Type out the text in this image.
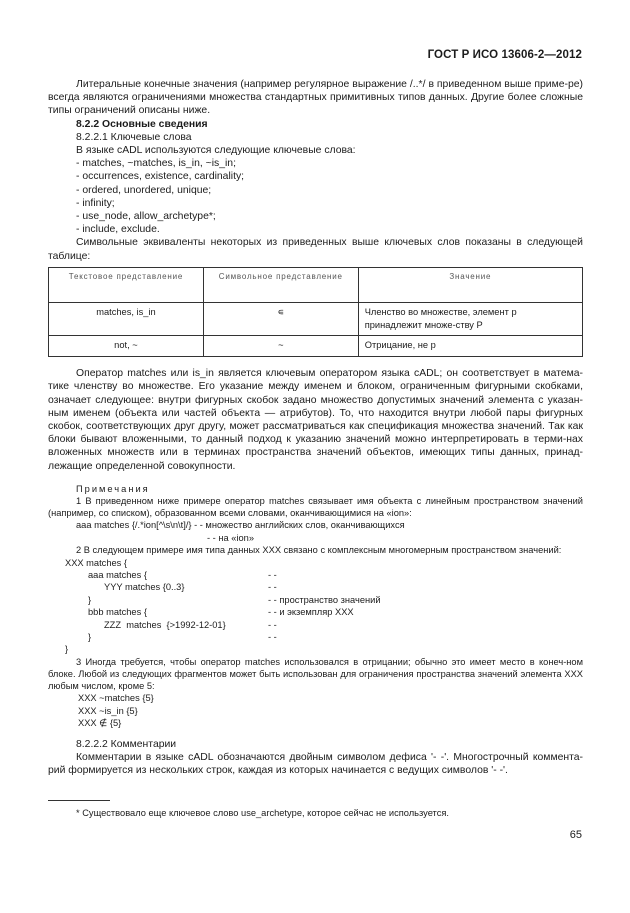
ГОСТ Р ИСО 13606-2—2012

Литеральные конечные значения (например регулярное выражение /..*/ в приведенном выше приме-ре) всегда являются ограничениями множества стандартных примитивных типов данных. Другие более сложные типы ограничений описаны ниже.

8.2.2 Основные сведения

8.2.2.1 Ключевые слова

В языке cADL используются следующие ключевые слова:

- matches, ~matches, is_in, ~is_in;

- occurrences, existence, cardinality;

- ordered, unordered, unique;

- infinity;

- use_node, allow_archetype*;

- include, exclude.

Символьные эквиваленты некоторых из приведенных выше ключевых слов показаны в следующей таблице:

Текстовое представление	Символьное представление	Значение
matches, is_in	∊	Членство во множестве, элемент р принадлежит множе-ству Р
not, ~	~	Отрицание, не р

Оператор matches или is_in является ключевым оператором языка cADL; он соответствует в матема-тике членству во множестве. Его указание между именем и блоком, ограниченным фигурными скобками, означает следующее: внутри фигурных скобок задано множество допустимых значений элемента с указан-ным именем (объекта или частей объекта — атрибутов). То, что находится внутри любой пары фигурных скобок, соответствующих друг другу, может рассматриваться как спецификация множества значений. Так как блоки бывают вложенными, то данный подход к указанию значений можно интерпретировать в терми-нах вложенных множеств или в терминах пространства значений объектов, имеющих типы данных, принад-лежащие определенной совокупности.

Примечания

1 В приведенном ниже примере оператор matches связывает имя объекта с линейным пространством значений (например, со списком), образованном всеми словами, оканчивающимися на «ion»:

aaa matches {/.*ion[^\s\n\t]/} - - множество английских слов, оканчивающихся
- - на «ion»

2 В следующем примере имя типа данных XXX связано с комплексным многомерным пространством значений:

XXX matches {
aaa matches {	- -
YYY matches {0..3}	- -
}	- - пространство значений
bbb matches {	- - и экземпляр XXX
ZZZ  matches  {>1992-12-01}	- -
}	- -
}

3 Иногда требуется, чтобы оператор matches использовался в отрицании; обычно это имеет место в конеч-ном блоке. Любой из следующих фрагментов может быть использован для ограничения пространства значений элемента XXX любым числом, кроме 5:

XXX ~matches {5}
XXX ~is_in {5}
XXX ∉ {5}

8.2.2.2 Комментарии

Комментарии в языке cADL обозначаются двойным символом дефиса '- -'. Многострочный коммента-рий формируется из нескольких строк, каждая из которых начинается с ведущих символов '- -'.

* Существовало еще ключевое слово use_archetype, которое сейчас не используется.
65
